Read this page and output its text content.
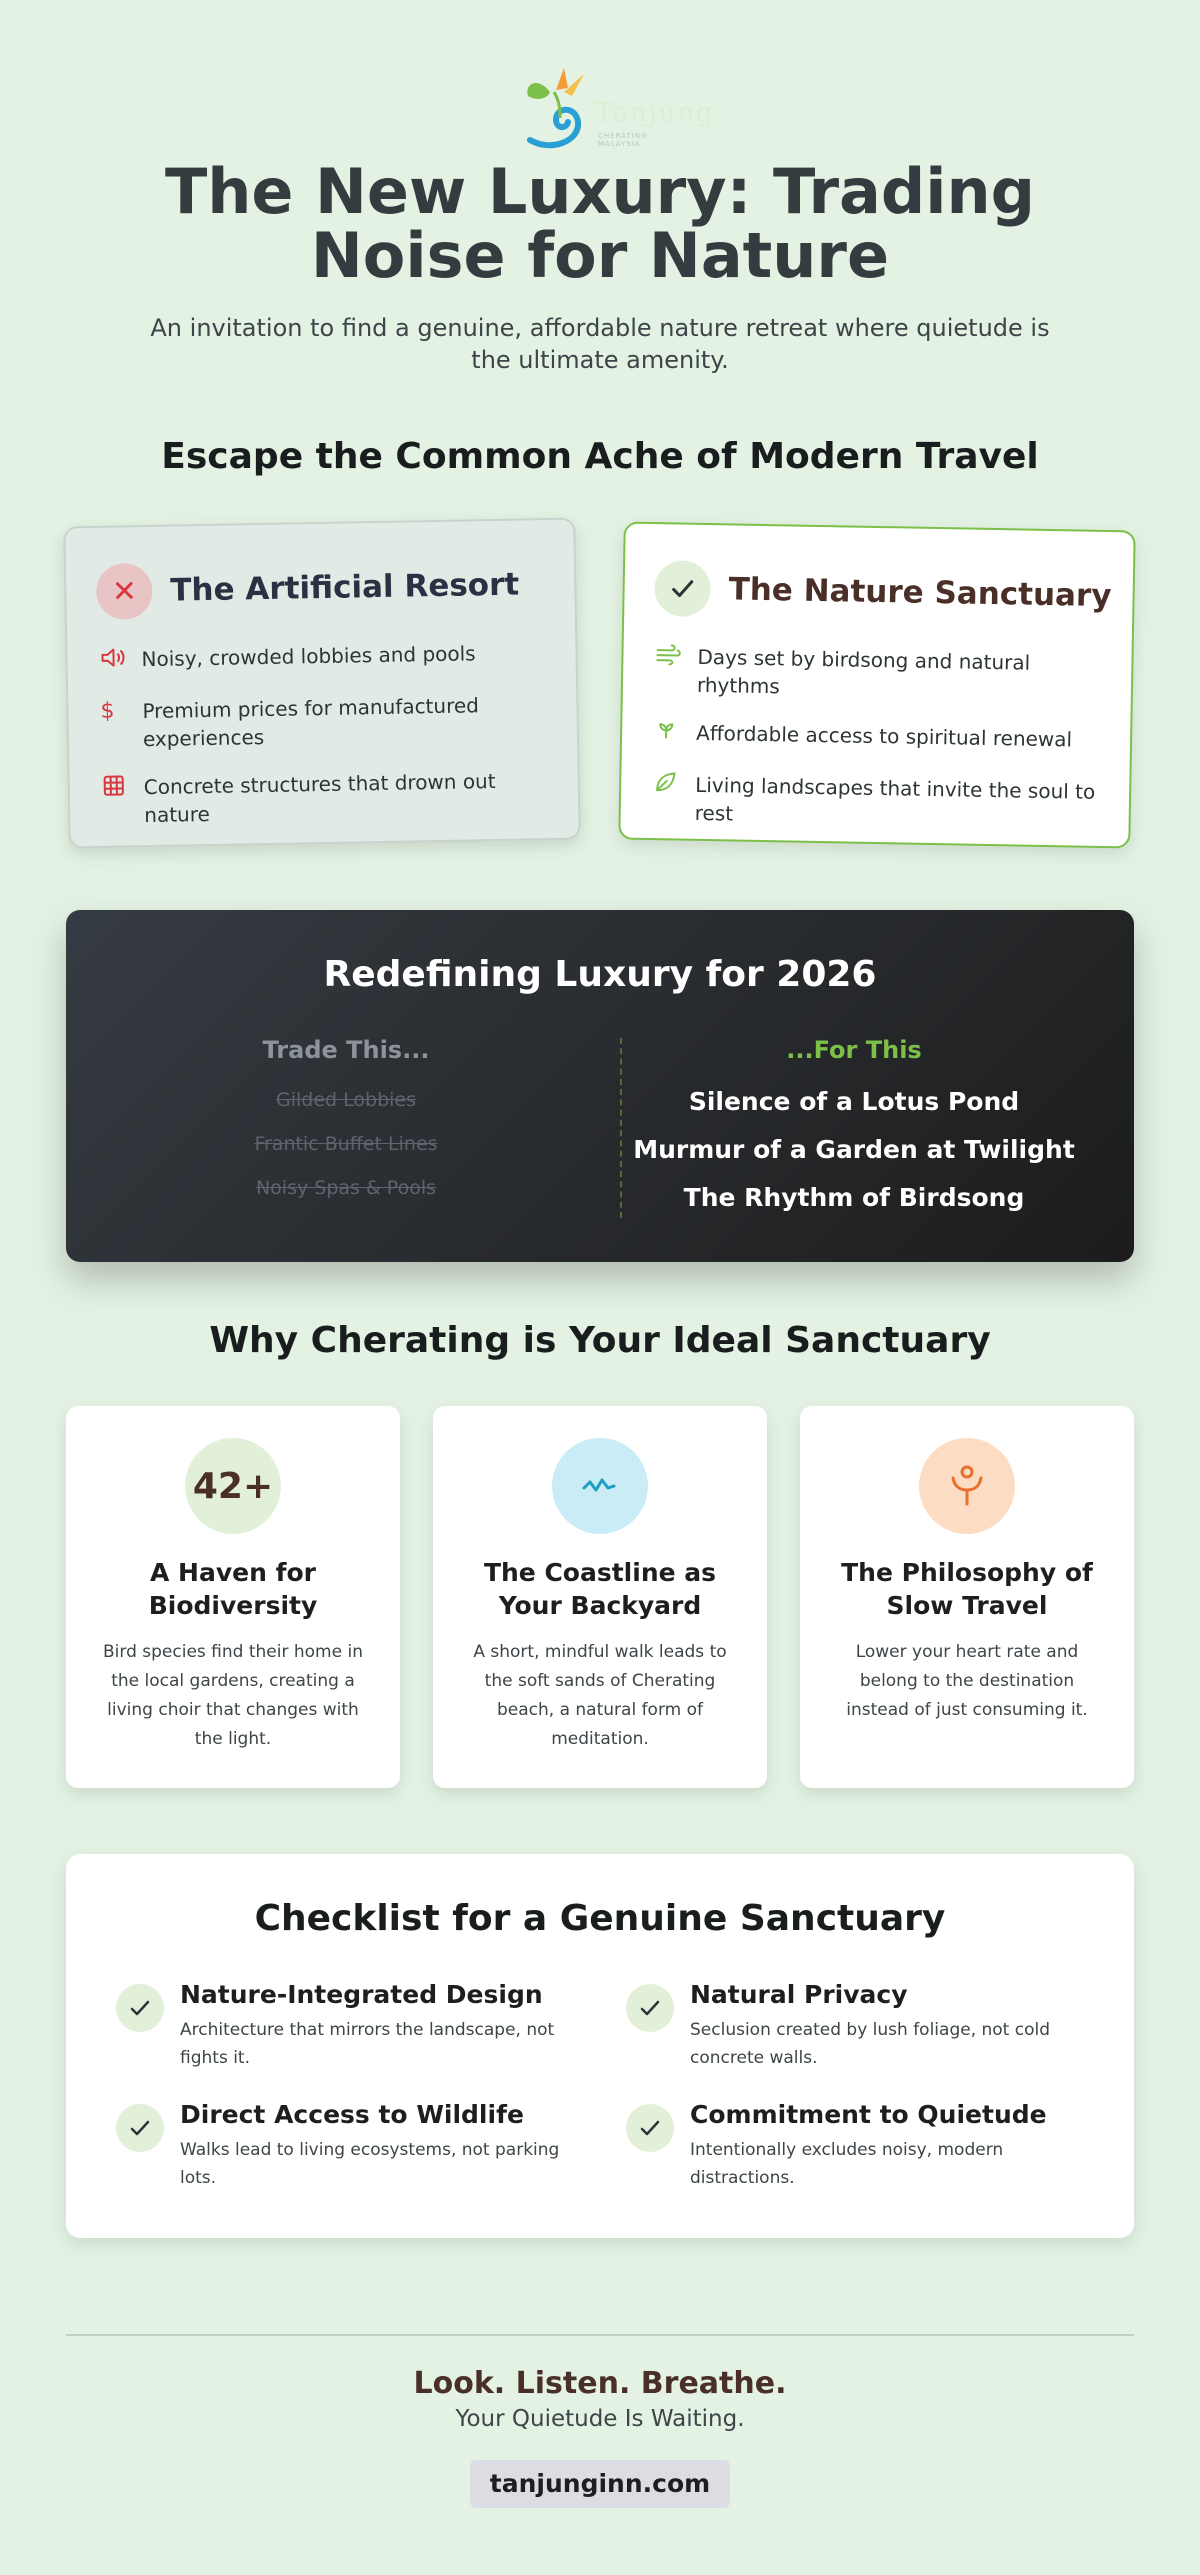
Tanjung
CHERATING · MALAYSIA
The New Luxury: Trading Noise for Nature

An invitation to find a genuine, affordable nature retreat where quietude is the ultimate amenity.

Escape the Common Ache of Modern Travel
✕	The Artificial Resort
Noisy, crowded lobbies and pools
$	Premium prices for manufactured experiences
Concrete structures that drown out nature
The Nature Sanctuary
Days set by birdsong and natural rhythms
Affordable access to spiritual renewal
Living landscapes that invite the soul to rest
Redefining Luxury for 2026
Trade This...
Gilded Lobbies
Frantic Buffet Lines
Noisy Spas & Pools
...For This
Silence of a Lotus Pond
Murmur of a Garden at Twilight
The Rhythm of Birdsong
Why Cherating is Your Ideal Sanctuary
42+
A Haven for Biodiversity
Bird species find their home in the local gardens, creating a living choir that changes with the light.
The Coastline as Your Backyard
A short, mindful walk leads to the soft sands of Cherating beach, a natural form of meditation.
The Philosophy of Slow Travel
Lower your heart rate and belong to the destination instead of just consuming it.
Checklist for a Genuine Sanctuary
Nature-Integrated Design
Architecture that mirrors the landscape, not fights it.
Natural Privacy
Seclusion created by lush foliage, not cold concrete walls.
Direct Access to Wildlife
Walks lead to living ecosystems, not parking lots.
Commitment to Quietude
Intentionally excludes noisy, modern distractions.
Look. Listen. Breathe.
Your Quietude Is Waiting.
tanjunginn.com
